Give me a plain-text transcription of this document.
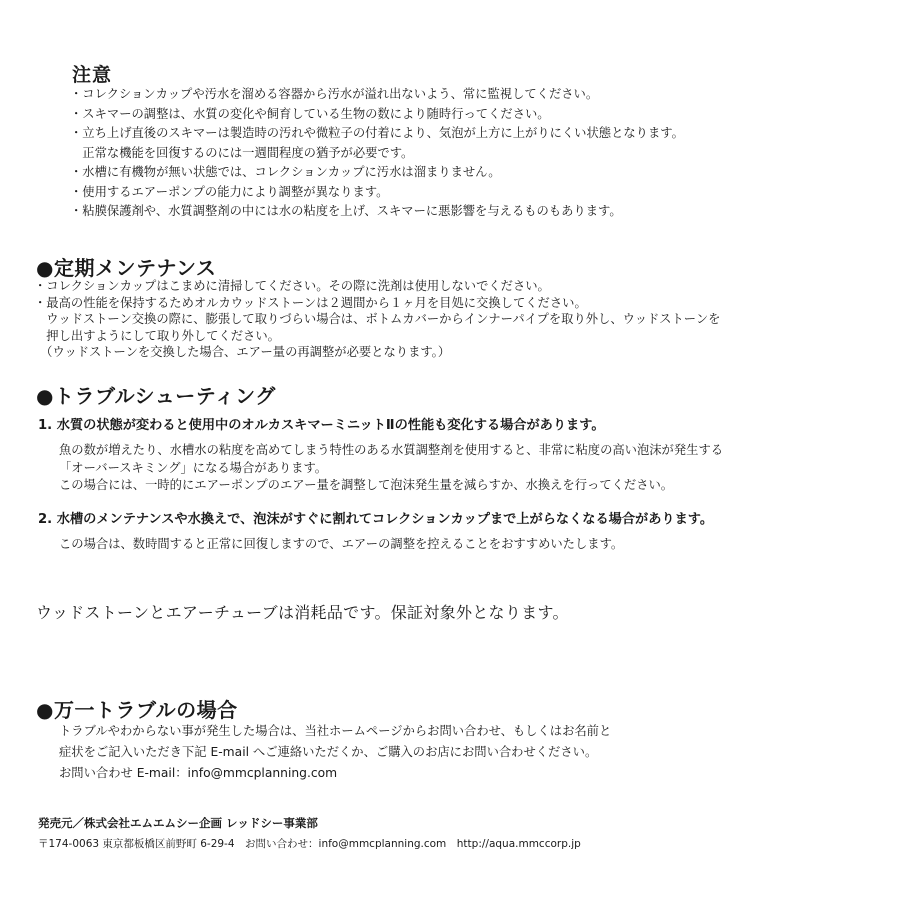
注意
・コレクションカップや汚水を溜める容器から汚水が溢れ出ないよう、常に監視してください。
・スキマーの調整は、水質の変化や飼育している生物の数により随時行ってください。
・立ち上げ直後のスキマーは製造時の汚れや微粒子の付着により、気泡が上方に上がりにくい状態となります。
　正常な機能を回復するのには一週間程度の猶予が必要です。
・水槽に有機物が無い状態では、コレクションカップに汚水は溜まりません。
・使用するエアーポンプの能力により調整が異なります。
・粘膜保護剤や、水質調整剤の中には水の粘度を上げ、スキマーに悪影響を与えるものもあります。
●定期メンテナンス
・コレクションカップはこまめに清掃してください。その際に洗剤は使用しないでください。
・最高の性能を保持するためオルカウッドストーンは２週間から１ヶ月を目処に交換してください。
　ウッドストーン交換の際に、膨張して取りづらい場合は、ボトムカバーからインナーパイプを取り外し、ウッドストーンを
　押し出すようにして取り外してください。
　（ウッドストーンを交換した場合、エアー量の再調整が必要となります。）
●トラブルシューティング
1. 水質の状態が変わると使用中のオルカスキマーミニットⅡの性能も変化する場合があります。
魚の数が増えたり、水槽水の粘度を高めてしまう特性のある水質調整剤を使用すると、非常に粘度の高い泡沫が発生する
「オーバースキミング」になる場合があります。
この場合には、一時的にエアーポンプのエアー量を調整して泡沫発生量を減らすか、水換えを行ってください。
2. 水槽のメンテナンスや水換えで、泡沫がすぐに割れてコレクションカップまで上がらなくなる場合があります。
この場合は、数時間すると正常に回復しますので、エアーの調整を控えることをおすすめいたします。
ウッドストーンとエアーチューブは消耗品です。保証対象外となります。
●万一トラブルの場合
トラブルやわからない事が発生した場合は、当社ホームページからお問い合わせ、もしくはお名前と
症状をご記入いただき下記 E-mail へご連絡いただくか、ご購入のお店にお問い合わせください。
お問い合わせ E-mail：info@mmcplanning.com
発売元／株式会社エムエムシー企画 レッドシー事業部
〒174-0063 東京都板橋区前野町 6-29-4　お問い合わせ：info@mmcplanning.com　http://aqua.mmccorp.jp
